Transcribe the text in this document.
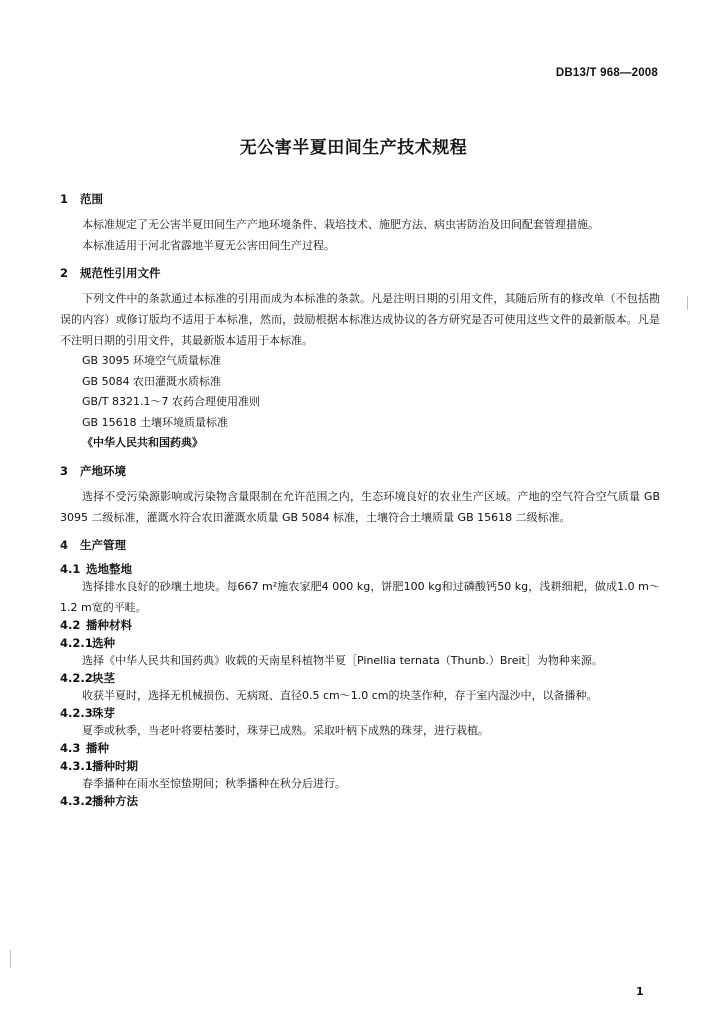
DB13/T 968—2008
无公害半夏田间生产技术规程
1 范围
本标准规定了无公害半夏田间生产产地环境条件、栽培技术、施肥方法、病虫害防治及田间配套管理措施。
本标准适用于河北省霹地半夏无公害田间生产过程。
2 规范性引用文件
下列文件中的条款通过本标准的引用而成为本标准的条款。凡是注明日期的引用文件，其随后所有的修改单（不包括勘误的内容）或修订版均不适用于本标准，然而，鼓励根据本标准达成协议的各方研究是否可使用这些文件的最新版本。凡是不注明日期的引用文件，其最新版本适用于本标准。
GB 3095 环境空气质量标准
GB 5084 农田灌溉水质标准
GB/T 8321.1～7 农药合理使用准则
GB 15618 土壤环境质量标准
《中华人民共和国药典》
3 产地环境
选择不受污染源影响或污染物含量限制在允许范围之内，生态环境良好的农业生产区域。产地的空气符合空气质量 GB 3095 二级标准，灌溉水符合农田灌溉水质量 GB 5084 标准，土壤符合土壤质量 GB 15618 二级标准。
4 生产管理
4.1 选地整地
选择排水良好的砂壤土地块。每667 m²施农家肥4 000 kg，饼肥100 kg和过磷酸钙50 kg，浅耕细耙，做成1.0 m～1.2 m宽的平畦。
4.2 播种材料
4.2.1选种
选择《中华人民共和国药典》收载的天南星科植物半夏［Pinellia ternata（Thunb.）Breit］为物种来源。
4.2.2块茎
收获半夏时，选择无机械损伤、无病斑、直径0.5 cm～1.0 cm的块茎作种，存于室内湿沙中，以备播种。
4.2.3珠芽
夏季或秋季，当老叶将要枯萎时，珠芽已成熟。采取叶柄下成熟的珠芽，进行栽植。
4.3 播种
4.3.1播种时期
春季播种在雨水至惊蛰期间；秋季播种在秋分后进行。
4.3.2播种方法
1
